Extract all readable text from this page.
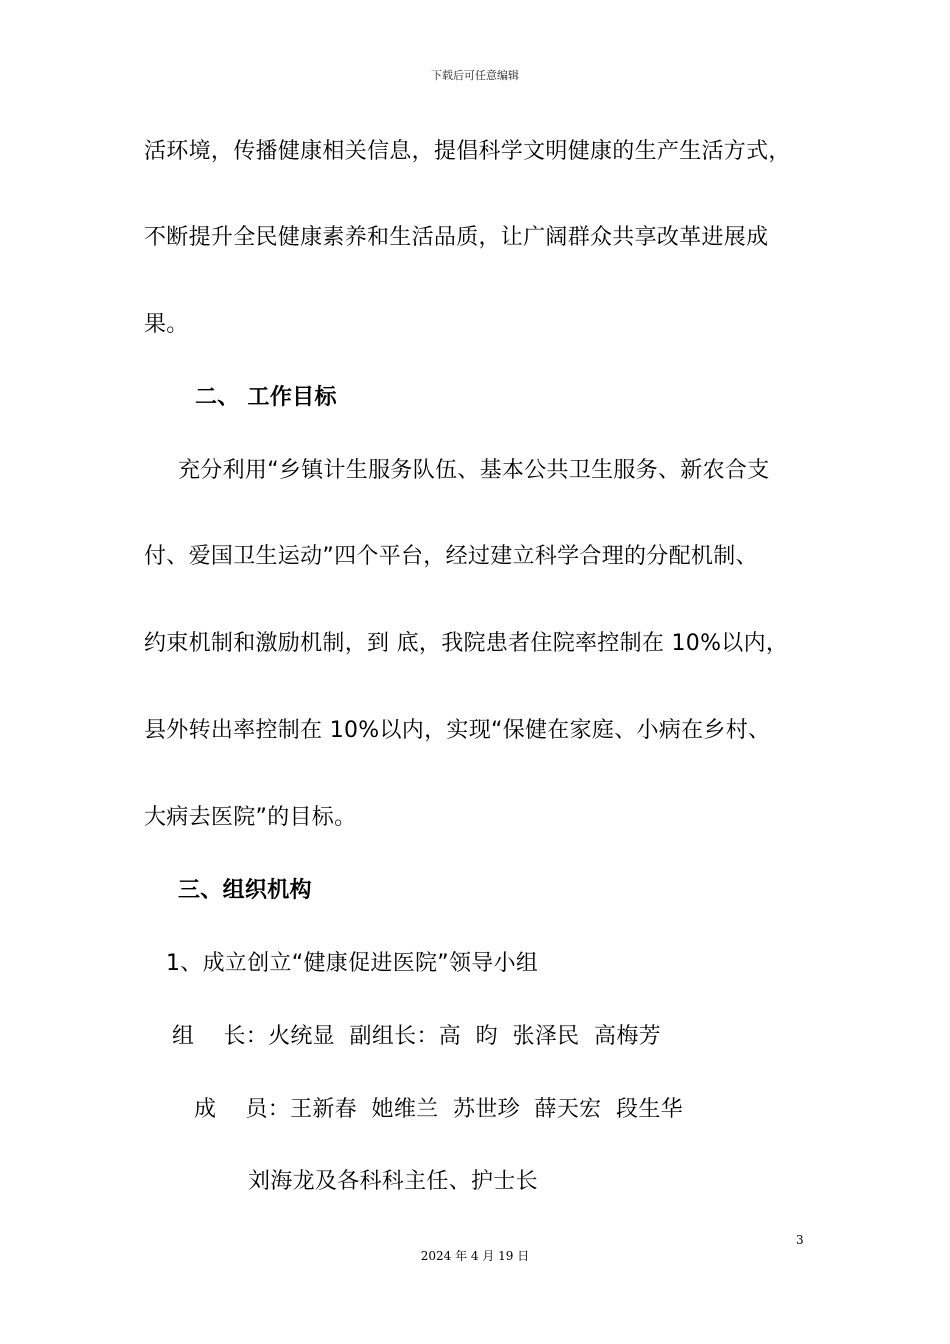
下载后可任意编辑
活环境，传播健康相关信息，提倡科学文明健康的生产生活方式，
不断提升全民健康素养和生活品质，让广阔群众共享改革进展成
果。
二、 工作目标
充分利用“乡镇计生服务队伍、基本公共卫生服务、新农合支
付、爱国卫生运动”四个平台，经过建立科学合理的分配机制、
约束机制和激励机制，到 底，我院患者住院率控制在 10%以内，
县外转出率控制在 10%以内，实现“保健在家庭、小病在乡村、
大病去医院”的目标。
三、组织机构
1、成立创立“健康促进医院”领导小组
组    长：火统显  副组长：高  昀  张泽民  高梅芳
成    员：王新春  她维兰  苏世珍  薛天宏  段生华
刘海龙及各科科主任、护士长
3
2024 年 4 月 19 日
